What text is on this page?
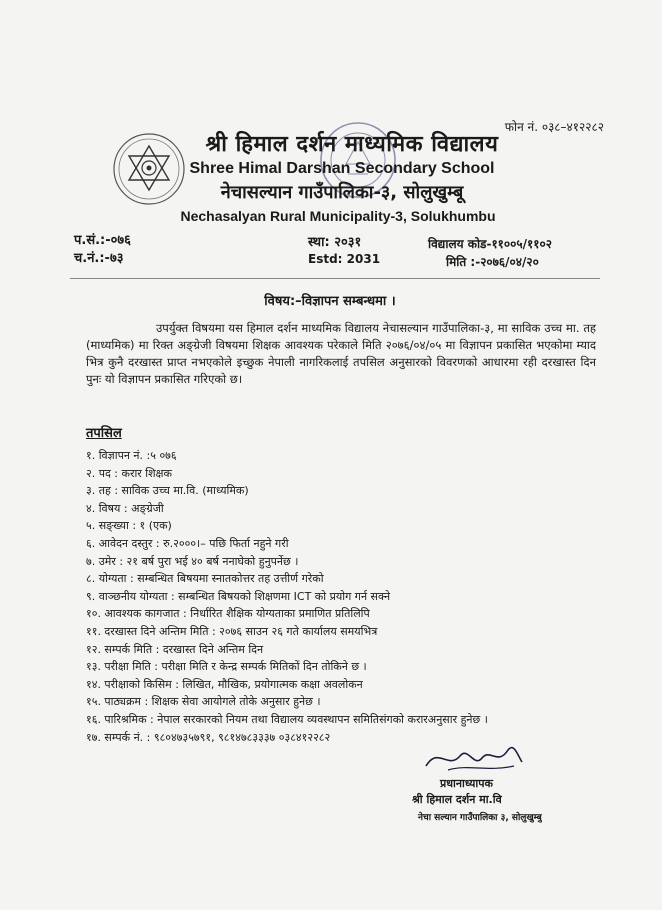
फोन नं. ०३८–४१२२८२
श्री हिमाल दर्शन माध्यमिक विद्यालय
Shree Himal Darshan Secondary School
नेचासल्यान गाउँपालिका-३, सोलुखुम्बू
Nechasalyan Rural Municipality-3, Solukhumbu
प.सं.:-०७६
च.नं.:-७३
स्था: २०३१
Estd: 2031
विद्यालय कोड-११००५/११०२
मिति :-२०७६/०४/२०
विषय:–विज्ञापन सम्बन्धमा ।

उपर्युक्त विषयमा यस हिमाल दर्शन माध्यमिक विद्यालय नेचासल्यान गाउँपालिका-३, मा साविक उच्च मा. तह (माध्यमिक) मा रिक्त अङ्ग्रेजी विषयमा शिक्षक आवश्यक परेकाले मिति २०७६/०४/०५ मा विज्ञापन प्रकासित भएकोमा म्याद भित्र कुनै दरखास्त प्राप्त नभएकोले इच्छुक नेपाली नागरिकलाई तपसिल अनुसारको विवरणको आधारमा रही दरखास्त दिन पुनः यो विज्ञापन प्रकासित गरिएको छ।

तपसिल
१. विज्ञापन नं. :५ ०७६
२. पद : करार शिक्षक
३. तह : साविक उच्च मा.वि. (माध्यमिक)
४. विषय : अङ्ग्रेजी
५. सङ्ख्या : १ (एक)
६. आवेदन दस्तुर : रु.२०००।– पछि फिर्ता नहुने गरी
७. उमेर : २१ बर्ष पुरा भई ४० बर्ष ननाघेको हुनुपर्नेछ ।
८. योग्यता : सम्बन्धित बिषयमा स्नातकोत्तर तह उत्तीर्ण गरेको
९. वाञ्छनीय योग्यता : सम्बन्धित बिषयको शिक्षणमा ICT को प्रयोग गर्न सक्ने
१०. आवश्यक कागजात : निर्धारित शैक्षिक योग्यताका प्रमाणित प्रतिलिपि
११. दरखास्त दिने अन्तिम मिति : २०७६ साउन २६ गते कार्यालय समयभित्र
१२. सम्पर्क मिति : दरखास्त दिने अन्तिम दिन
१३. परीक्षा मिति : परीक्षा मिति र केन्द्र सम्पर्क मितिकों दिन तोकिने छ ।
१४. परीक्षाको किसिम : लिखित, मौखिक, प्रयोगात्मक कक्षा अवलोकन
१५. पाठ्यक्रम : शिक्षक सेवा आयोगले तोके अनुसार हुनेछ ।
१६. पारिश्रमिक : नेपाल सरकारको नियम तथा विद्यालय व्यवस्थापन समितिसंगको करारअनुसार हुनेछ ।
१७. सम्पर्क नं. : ९८०४७३५७९१, ९८१४७८३३३७ ०३८४१२२८२
प्रधानाध्यापक
श्री हिमाल दर्शन मा.वि
नेचा सल्यान गाउँपालिका ३, सोलुखुम्बु
